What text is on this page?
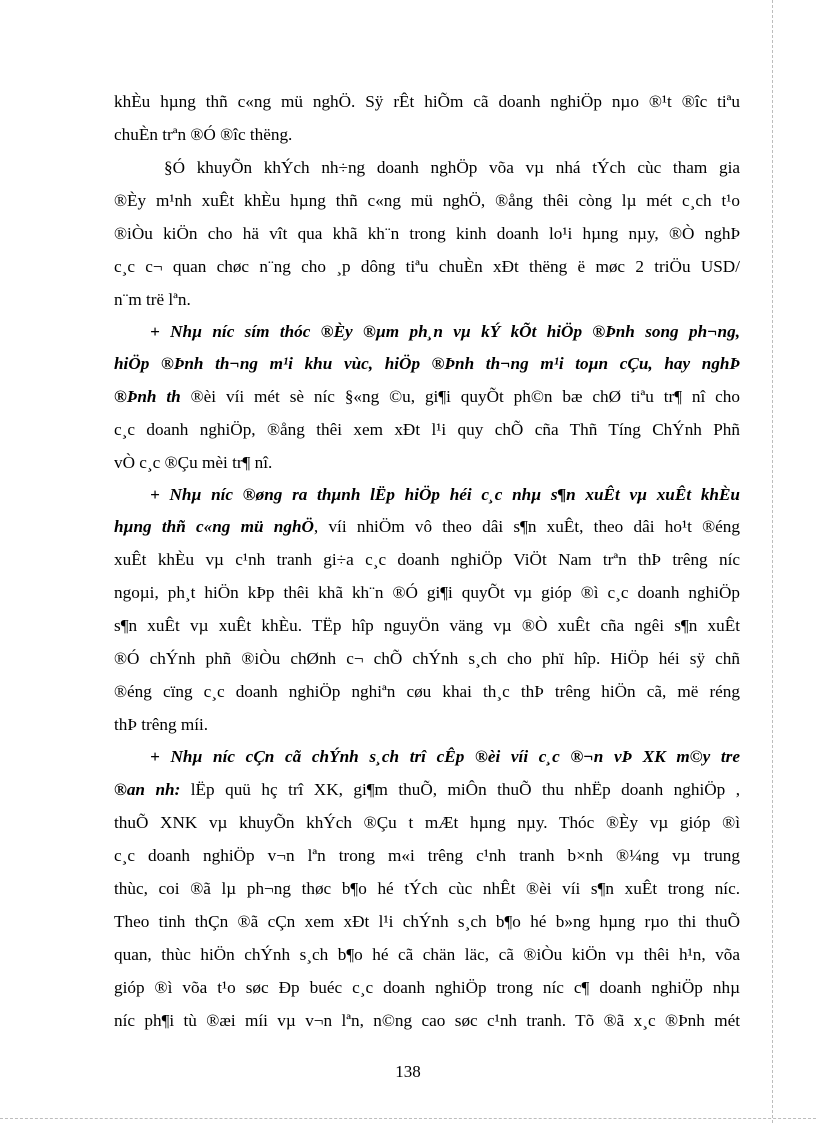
khÈu hµng thñ c«ng mü nghÖ. Sÿ rÊt hiÕm cã doanh nghiÖp nµo ®¹t ®îc tiªu
chuÈn trªn ®Ó ®îc thëng.
§Ó khuyÕn khÝch nh÷ng doanh nghÖp võa vµ nhá tÝch cùc tham gia
®Èy m¹nh xuÊt khÈu hµng thñ c«ng mü nghÖ, ®ång thêi còng lµ mét c¸ch t¹o
®iÒu kiÖn cho hä vît qua khã kh¨n trong kinh doanh lo¹i hµng nµy, ®Ò nghÞ
c¸c c¬ quan chøc n¨ng cho ¸p dông tiªu chuÈn xÐt thëng ë møc 2 triÖu USD/
n¨m trë lªn.
+ Nhµ níc sím thóc ®Èy ®µm ph¸n vµ kÝ kÕt hiÖp ®Þnh song ph¬ng,
hiÖp ®Þnh th¬ng m¹i khu vùc, hiÖp ®Þnh th¬ng m¹i toµn cÇu, hay nghÞ
®Þnh th ®èi víi mét sè níc §«ng ©u, gi¶i quyÕt ph©n bæ chØ tiªu tr¶ nî cho
c¸c doanh nghiÖp, ®ång thêi xem xÐt l¹i quy chÕ cña Thñ Tíng ChÝnh Phñ
vÒ c¸c ®Çu mèi tr¶ nî.
+ Nhµ níc ®øng ra thµnh lËp hiÖp héi c¸c nhµ s¶n xuÊt vµ xuÊt khÈu
hµng thñ c«ng mü nghÖ, víi nhiÖm vô theo dâi s¶n xuÊt, theo dâi ho¹t ®éng
xuÊt khÈu vµ c¹nh tranh gi÷a c¸c doanh nghiÖp ViÖt Nam trªn thÞ trêng níc
ngoµi, ph¸t hiÖn kÞp thêi khã kh¨n ®Ó gi¶i quyÕt vµ gióp ®ì c¸c doanh nghiÖp
s¶n xuÊt vµ xuÊt khÈu. TËp hîp nguyÖn väng vµ ®Ò xuÊt cña ngêi s¶n xuÊt
®Ó chÝnh phñ ®iÒu chØnh c¬ chÕ chÝnh s¸ch cho phï hîp. HiÖp héi sÿ chñ
®éng cïng c¸c doanh nghiÖp nghiªn cøu khai th¸c thÞ trêng hiÖn cã, më réng
thÞ trêng míi.
+ Nhµ níc cÇn cã chÝnh s¸ch trî cÊp ®èi víi c¸c ®¬n vÞ XK m©y tre
®an nh: lËp quü hç trî XK, gi¶m thuÕ, miÔn thuÕ thu nhËp doanh nghiÖp ,
thuÕ XNK vµ khuyÕn khÝch ®Çu t mÆt hµng nµy. Thóc ®Èy vµ gióp ®ì
c¸c doanh nghiÖp v¬n lªn trong m«i trêng c¹nh tranh b×nh ®¼ng vµ trung
thùc, coi ®ã lµ ph¬ng thøc b¶o hé tÝch cùc nhÊt ®èi víi s¶n xuÊt trong níc.
Theo tinh thÇn ®ã cÇn xem xÐt l¹i chÝnh s¸ch b¶o hé b»ng hµng rµo thi thuÕ
quan, thùc hiÖn chÝnh s¸ch b¶o hé cã chän läc, cã ®iÒu kiÖn vµ thêi h¹n, võa
gióp ®ì võa t¹o søc Ðp buéc c¸c doanh nghiÖp trong níc c¶ doanh nghiÖp nhµ
níc ph¶i tù ®æi míi vµ v¬n lªn, n©ng cao søc c¹nh tranh. Tõ ®ã x¸c ®Þnh mét
138
